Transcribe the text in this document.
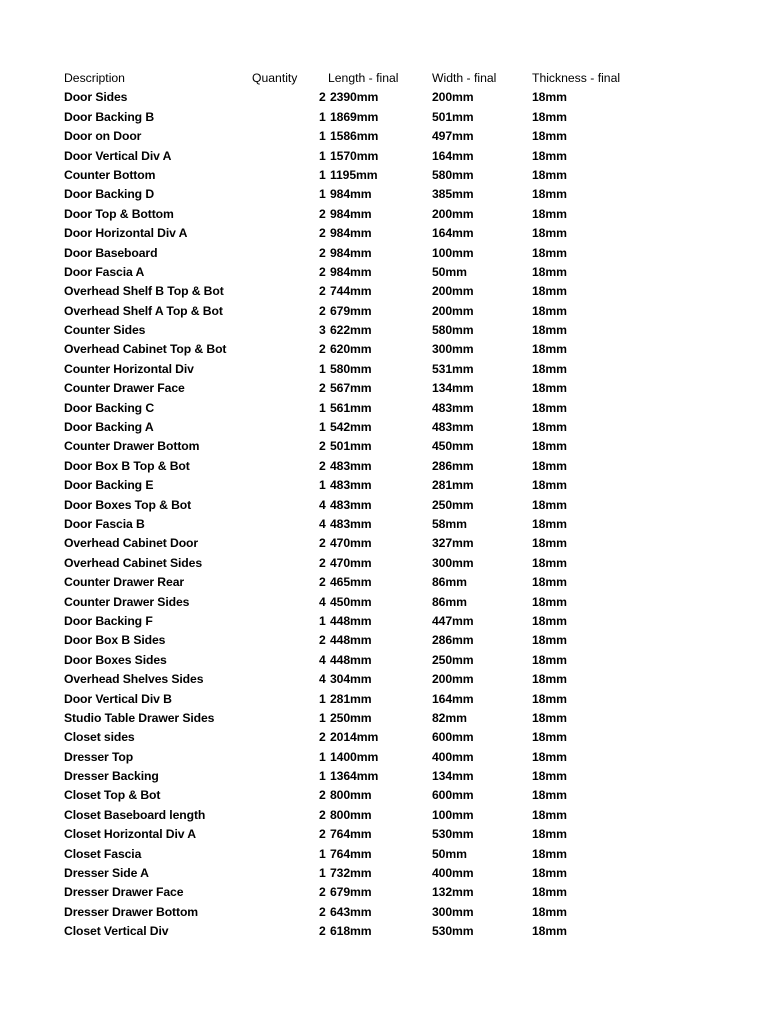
Description	Quantity	Length - final	Width - final	Thickness - final
Door Sides	2 2390mm	200mm	18mm
Door Backing B	1 1869mm	501mm	18mm
Door on Door	1 1586mm	497mm	18mm
Door Vertical Div A	1 1570mm	164mm	18mm
Counter Bottom	1 1195mm	580mm	18mm
Door Backing D	1 984mm	385mm	18mm
Door Top & Bottom	2 984mm	200mm	18mm
Door Horizontal Div A	2 984mm	164mm	18mm
Door Baseboard	2 984mm	100mm	18mm
Door Fascia A	2 984mm	50mm	18mm
Overhead Shelf B Top & Bot	2 744mm	200mm	18mm
Overhead Shelf A Top & Bot	2 679mm	200mm	18mm
Counter Sides	3 622mm	580mm	18mm
Overhead Cabinet Top & Bot	2 620mm	300mm	18mm
Counter Horizontal Div	1 580mm	531mm	18mm
Counter Drawer Face	2 567mm	134mm	18mm
Door Backing C	1 561mm	483mm	18mm
Door Backing A	1 542mm	483mm	18mm
Counter Drawer Bottom	2 501mm	450mm	18mm
Door Box B Top & Bot	2 483mm	286mm	18mm
Door Backing E	1 483mm	281mm	18mm
Door Boxes Top & Bot	4 483mm	250mm	18mm
Door Fascia B	4 483mm	58mm	18mm
Overhead Cabinet Door	2 470mm	327mm	18mm
Overhead Cabinet Sides	2 470mm	300mm	18mm
Counter Drawer Rear	2 465mm	86mm	18mm
Counter Drawer Sides	4 450mm	86mm	18mm
Door Backing F	1 448mm	447mm	18mm
Door Box B Sides	2 448mm	286mm	18mm
Door Boxes Sides	4 448mm	250mm	18mm
Overhead Shelves Sides	4 304mm	200mm	18mm
Door Vertical Div B	1 281mm	164mm	18mm
Studio Table Drawer Sides	1 250mm	82mm	18mm
Closet sides	2 2014mm	600mm	18mm
Dresser Top	1 1400mm	400mm	18mm
Dresser Backing	1 1364mm	134mm	18mm
Closet Top & Bot	2 800mm	600mm	18mm
Closet Baseboard length	2 800mm	100mm	18mm
Closet Horizontal Div A	2 764mm	530mm	18mm
Closet Fascia	1 764mm	50mm	18mm
Dresser Side A	1 732mm	400mm	18mm
Dresser Drawer Face	2 679mm	132mm	18mm
Dresser Drawer Bottom	2 643mm	300mm	18mm
Closet Vertical Div	2 618mm	530mm	18mm
